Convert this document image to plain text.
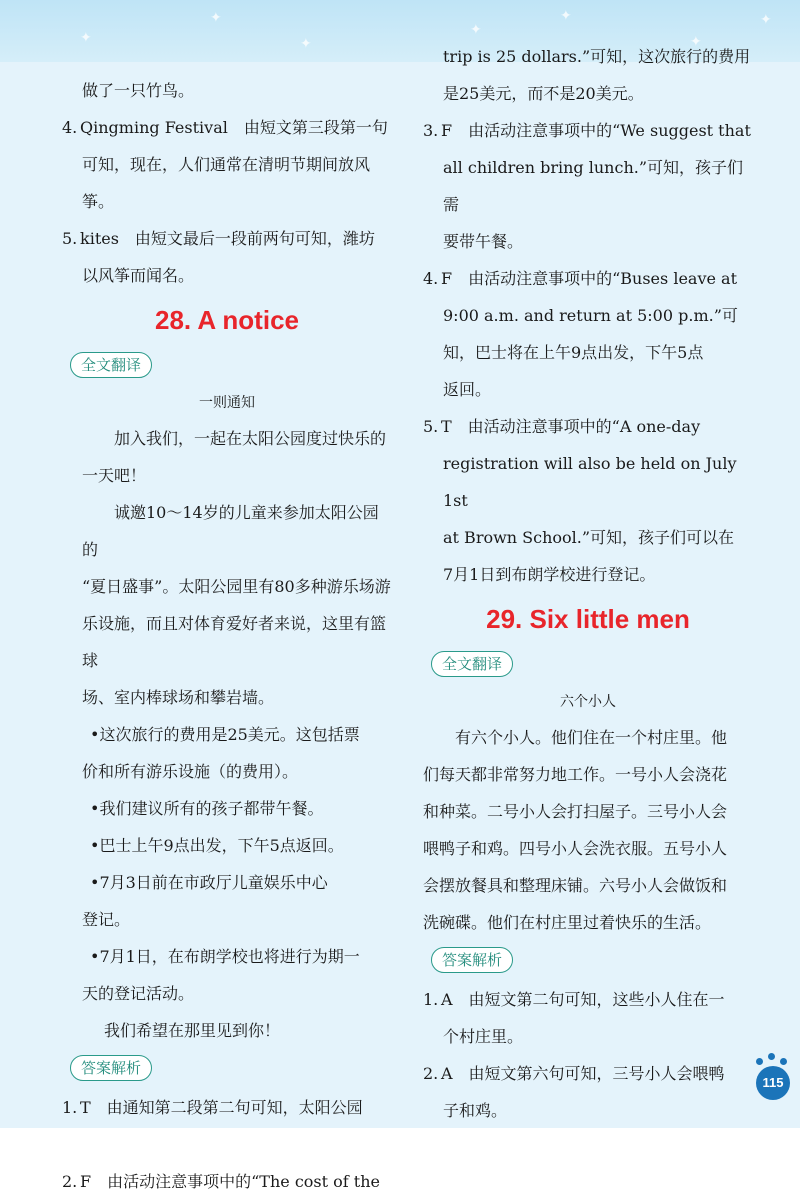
✦
✦
✦
✦
✦
✦
✦

做了一只竹鸟。

4. Qingming Festival　由短文第三段第一句

可知，现在，人们通常在清明节期间放风筝。

5. kites　由短文最后一段前两句可知，潍坊

以风筝而闻名。

28. A notice
全文翻译

一则通知

加入我们，一起在太阳公园度过快乐的

一天吧！

诚邀10～14岁的儿童来参加太阳公园的

“夏日盛事”。太阳公园里有80多种游乐场游

乐设施，而且对体育爱好者来说，这里有篮球

场、室内棒球场和攀岩墙。

•这次旅行的费用是25美元。这包括票

价和所有游乐设施（的费用）。

•我们建议所有的孩子都带午餐。

•巴士上午9点出发，下午5点返回。

•7月3日前在市政厅儿童娱乐中心

登记。

•7月1日，在布朗学校也将进行为期一

天的登记活动。

我们希望在那里见到你！

答案解析

1. T　由通知第二段第二句可知，太阳公园

2. F　由活动注意事项中的“The cost of the

trip is 25 dollars.”可知，这次旅行的费用

是25美元，而不是20美元。

3. F　由活动注意事项中的“We suggest that

all children bring lunch.”可知，孩子们需

要带午餐。

4. F　由活动注意事项中的“Buses leave at

9:00 a.m. and return at 5:00 p.m.”可

知，巴士将在上午9点出发，下午5点

返回。

5. T　由活动注意事项中的“A one-day

registration will also be held on July 1st

at Brown School.”可知，孩子们可以在

7月1日到布朗学校进行登记。

29. Six little men
全文翻译

六个小人

有六个小人。他们住在一个村庄里。他

们每天都非常努力地工作。一号小人会浇花

和种菜。二号小人会打扫屋子。三号小人会

喂鸭子和鸡。四号小人会洗衣服。五号小人

会摆放餐具和整理床铺。六号小人会做饭和

洗碗碟。他们在村庄里过着快乐的生活。

答案解析

1. A　由短文第二句可知，这些小人住在一

个村庄里。

2. A　由短文第六句可知，三号小人会喂鸭

子和鸡。

115
